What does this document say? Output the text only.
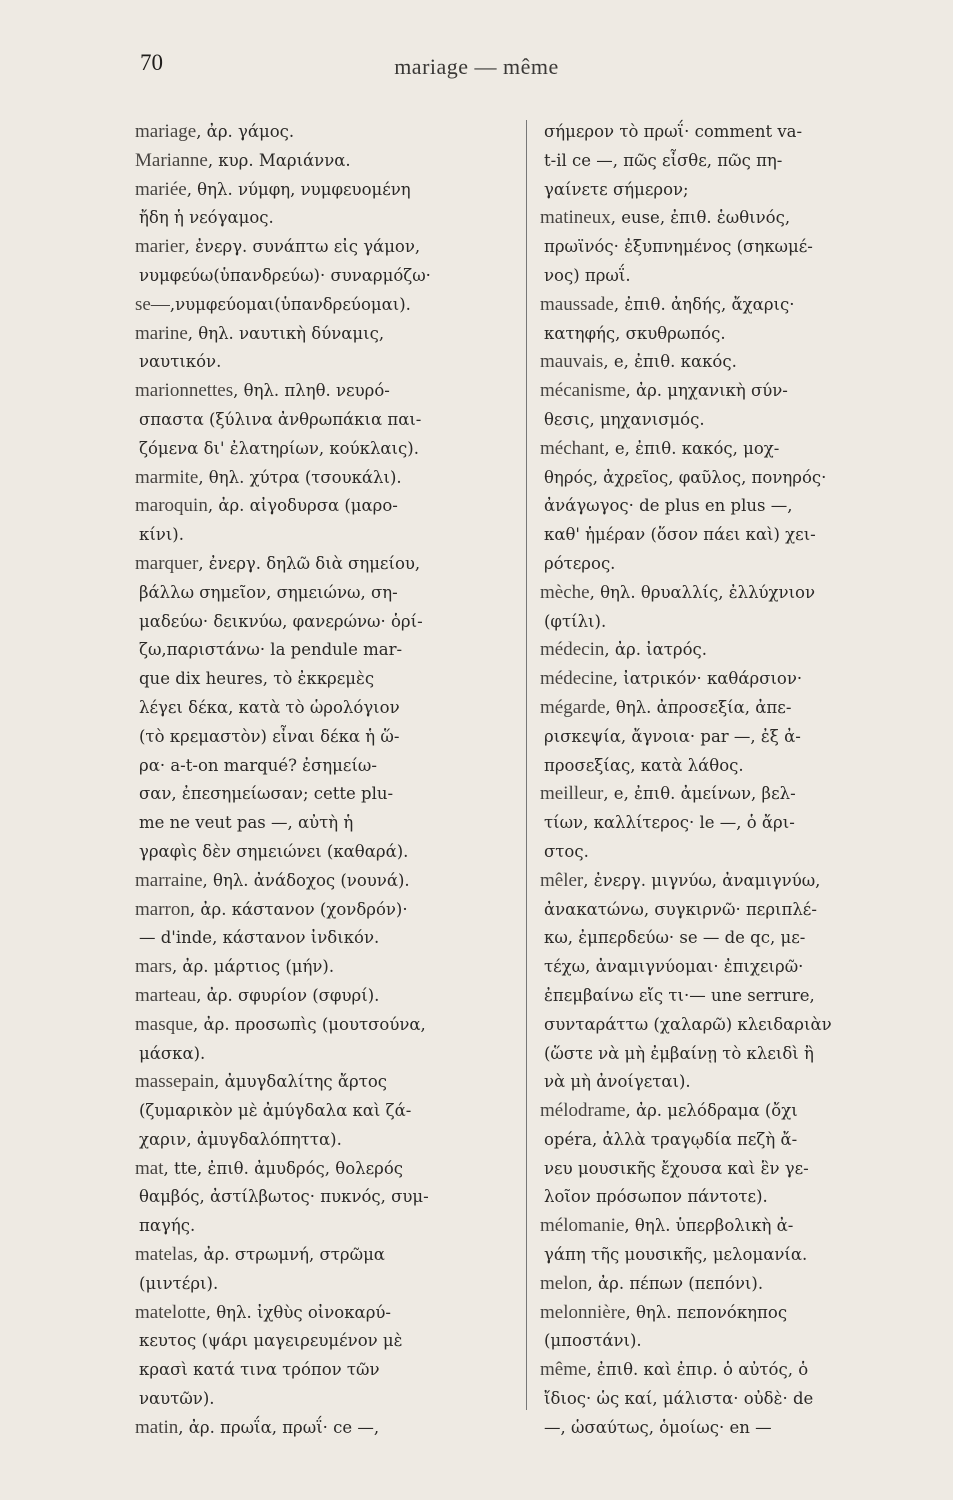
70	mariage — même
mariage, ἀρ. γάμος.
Marianne, κυρ. Μαριάννα.
mariée, θηλ. νύμφη, νυμφευομένη
ἤδη ἡ νεόγαμος.
marier, ἐνεργ. συνάπτω εἰς γάμον,
νυμφεύω(ὑπανδρεύω)· συναρμόζω·
se—,νυμφεύομαι(ὑπανδρεύομαι).
marine, θηλ. ναυτικὴ δύναμις,
ναυτικόν.
marionnettes, θηλ. πληθ. νευρό-
σπαστα (ξύλινα ἀνθρωπάκια παι-
ζόμενα δι' ἐλατηρίων, κούκλαις).
marmite, θηλ. χύτρα (τσουκάλι).
maroquin, ἀρ. αἰγοδυρσα (μαρο-
κίνι).
marquer, ἐνεργ. δηλῶ διὰ σημείου,
βάλλω σημεῖον, σημειώνω, ση-
μαδεύω· δεικνύω, φανερώνω· ὁρί-
ζω,παριστάνω· la pendule mar-
que dix heures, τὸ ἐκκρεμὲς
λέγει δέκα, κατὰ τὸ ὡρολόγιον
(τὸ κρεμαστὸν) εἶναι δέκα ἡ ὥ-
ρα· a-t-on marqué? ἐσημείω-
σαν, ἐπεσημείωσαν; cette plu-
me ne veut pas —, αὐτὴ ἡ
γραφὶς δὲν σημειώνει (καθαρά).
marraine, θηλ. ἀνάδοχος (νουνά).
marron, ἀρ. κάστανον (χονδρόν)·
— d'inde, κάστανον ἰνδικόν.
mars, ἀρ. μάρτιος (μήν).
marteau, ἀρ. σφυρίον (σφυρί).
masque, ἀρ. προσωπὶς (μουτσούνα,
μάσκα).
massepain, ἀμυγδαλίτης ἄρτος
(ζυμαρικὸν μὲ ἀμύγδαλα καὶ ζά-
χαριν, ἀμυγδαλόπηττα).
mat, tte, ἐπιθ. ἀμυδρός, θολερός
θαμβός, ἀστίλβωτος· πυκνός, συμ-
παγής.
matelas, ἀρ. στρωμνή, στρῶμα
(μιντέρι).
matelotte, θηλ. ἰχθὺς οἰνοκαρύ-
κευτος (ψάρι μαγειρευμένον μὲ
κρασὶ κατά τινα τρόπον τῶν
ναυτῶν).
matin, ἀρ. πρωΐα, πρωΐ· ce —,
σήμερον τὸ πρωΐ· comment va-
t-il ce —, πῶς εἶσθε, πῶς πη-
γαίνετε σήμερον;
matineux, euse, ἐπιθ. ἑωθινός,
πρωϊνός· ἐξυπνημένος (σηκωμέ-
νος) πρωΐ.
maussade, ἐπιθ. ἀηδής, ἄχαρις·
κατηφής, σκυθρωπός.
mauvais, e, ἐπιθ. κακός.
mécanisme, ἀρ. μηχανικὴ σύν-
θεσις, μηχανισμός.
méchant, e, ἐπιθ. κακός, μοχ-
θηρός, ἀχρεῖος, φαῦλος, πονηρός·
ἀνάγωγος· de plus en plus —,
καθ' ἡμέραν (ὅσον πάει καὶ) χει-
ρότερος.
mèche, θηλ. θρυαλλίς, ἐλλύχνιον
(φτίλι).
médecin, ἀρ. ἰατρός.
médecine, ἰατρικόν· καθάρσιον·
mégarde, θηλ. ἀπροσεξία, ἀπε-
ρισκεψία, ἄγνοια· par —, ἐξ ἀ-
προσεξίας, κατὰ λάθος.
meilleur, e, ἐπιθ. ἀμείνων, βελ-
τίων, καλλίτερος· le —, ὁ ἄρι-
στος.
mêler, ἐνεργ. μιγνύω, ἀναμιγνύω,
ἀνακατώνω, συγκιρνῶ· περιπλέ-
κω, ἐμπερδεύω· se — de qc, με-
τέχω, ἀναμιγνύομαι· ἐπιχειρῶ·
ἐπεμβαίνω εἴς τι·— une serrure,
συνταράττω (χαλαρῶ) κλειδαριὰν
(ὥστε νὰ μὴ ἐμβαίνῃ τὸ κλειδὶ ἢ
νὰ μὴ ἀνοίγεται).
mélodrame, ἀρ. μελόδραμα (ὄχι
opéra, ἀλλὰ τραγῳδία πεζὴ ἄ-
νευ μουσικῆς ἔχουσα καὶ ἓν γε-
λοῖον πρόσωπον πάντοτε).
mélomanie, θηλ. ὑπερβολικὴ ἀ-
γάπη τῆς μουσικῆς, μελομανία.
melon, ἀρ. πέπων (πεπόνι).
melonnière, θηλ. πεπονόκηπος
(μποστάνι).
même, ἐπιθ. καὶ ἐπιρ. ὁ αὐτός, ὁ
ἴδιος· ὡς καί, μάλιστα· οὐδὲ· de
—, ὡσαύτως, ὁμοίως· en —
